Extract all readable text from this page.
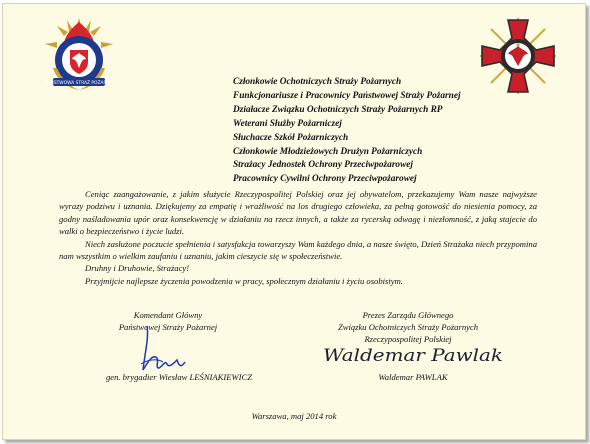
PAŃSTWOWA STRAŻ POŻARNA	Członkowie Ochotniczych Straży Pożarnych
Funkcjonariusze i Pracownicy Państwowej Straży Pożarnej
Działacze Związku Ochotniczych Straży Pożarnych RP
Weterani Służby Pożarniczej
Słuchacze Szkół Pożarniczych
Członkowie Młodzieżowych Drużyn Pożarniczych
Strażacy Jednostek Ochrony Przeciwpożarowej
Pracownicy Cywilni Ochrony Przeciwpożarowej

Ceniąc zaangażowanie, z jakim służycie Rzeczypospolitej Polskiej oraz jej obywatelom, przekazujemy Wam nasze najwyższe wyrazy podziwu i uznania. Dziękujemy za empatię i wrażliwość na los drugiego człowieka, za pełną gotowość do niesienia pomocy, za godny naśladowania upór oraz konsekwencję w działaniu na rzecz innych, a także za rycerską odwagę i niezłomność, z jaką stajecie do walki o bezpieczeństwo i życie ludzi.

Niech zasłużone poczucie spełnienia i satysfakcja towarzyszy Wam każdego dnia, a nasze święto, Dzień Strażaka niech przypomina nam wszystkim o wielkim zaufaniu i uznaniu, jakim cieszycie się w społeczeństwie.

Druhny i Druhowie, Strażacy!

Przyjmijcie najlepsze życzenia powodzenia w pracy, społecznym działaniu i życiu osobistym.

Komendant Główny
Państwowej Straży Pożarnej
Prezes Zarządu Głównego
Związku Ochotniczych Straży Pożarnych
Rzeczypospolitej Polskiej
Waldemar Pawlak
gen. brygadier Wiesław LEŚNIAKIEWICZ	Waldemar PAWLAK
Warszawa, maj 2014 rok
